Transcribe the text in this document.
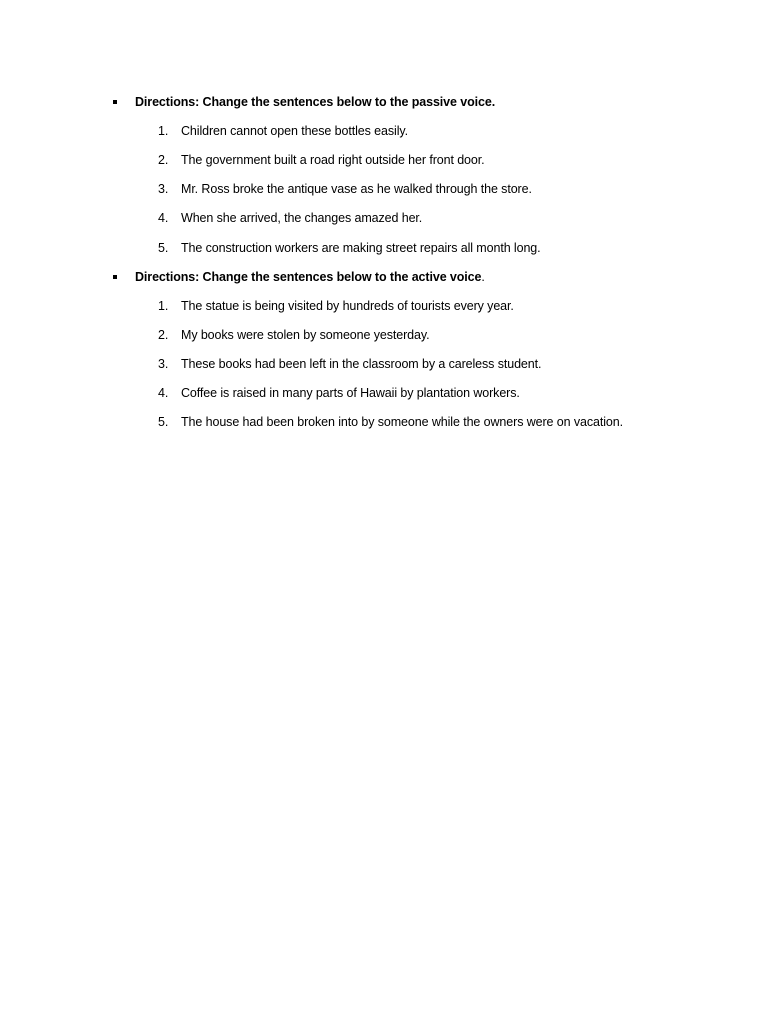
Directions: Change the sentences below to the passive voice.
1.	Children cannot open these bottles easily.
2.	The government built a road right outside her front door.
3.	Mr. Ross broke the antique vase as he walked through the store.
4.	When she arrived, the changes amazed her.
5.	The construction workers are making street repairs all month long.
Directions: Change the sentences below to the active voice.
1.	The statue is being visited by hundreds of tourists every year.
2.	My books were stolen by someone yesterday.
3.	These books had been left in the classroom by a careless student.
4.	Coffee is raised in many parts of Hawaii by plantation workers.
5.	The house had been broken into by someone while the owners were on vacation.
